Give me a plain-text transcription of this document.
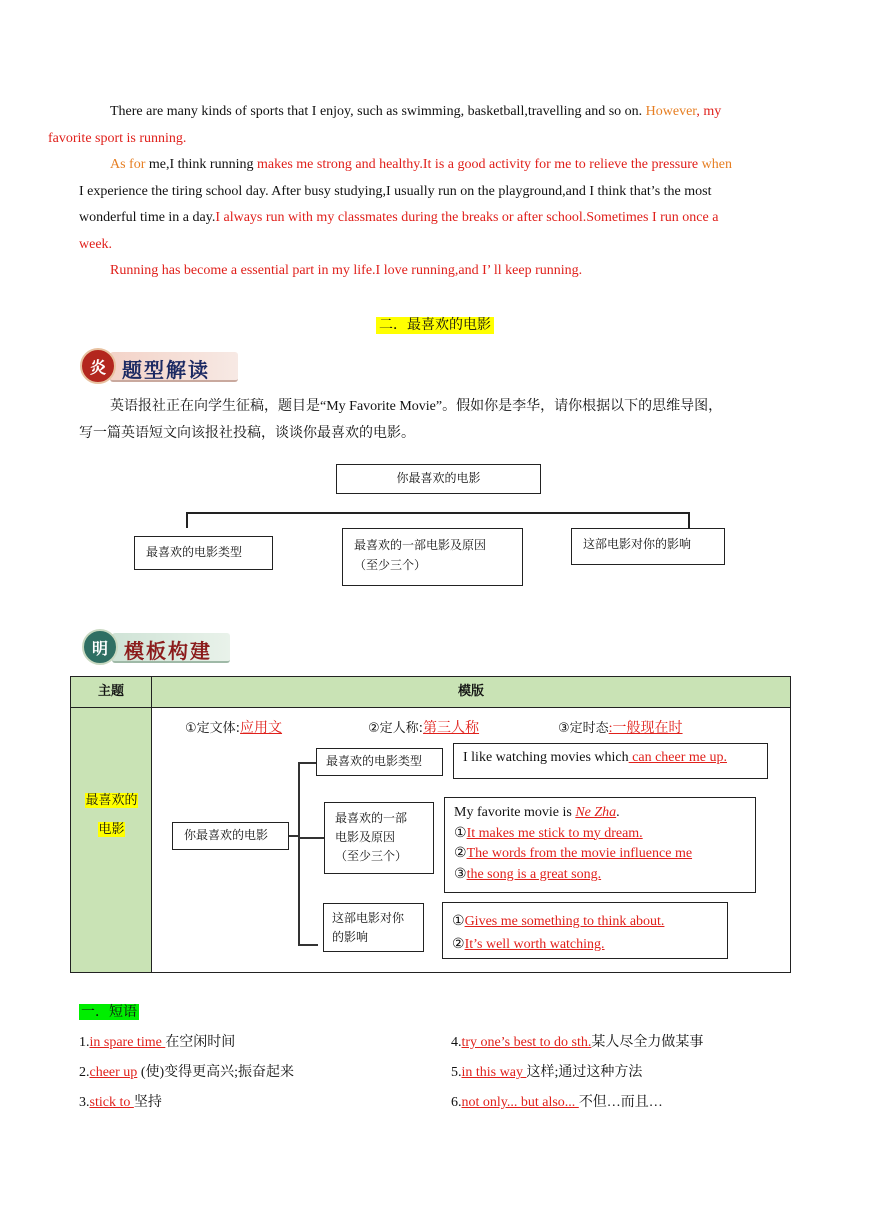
There are many kinds of sports that I enjoy, such as swimming, basketball,travelling and so on. However, my
favorite sport is running.
As for me,I think running makes me strong and healthy.It is a good activity for me to relieve the pressure when
I experience the tiring school day. After busy studying,I usually run on the playground,and I think that’s the most
wonderful time in a day.I always run with my classmates during the breaks or after school.Sometimes I run once a
week.
Running has become a essential part in my life.I love running,and I’ ll keep running.
二．最喜欢的电影
炎 题型解读
英语报社正在向学生征稿，题目是“My Favorite Movie”。假如你是李华，请你根据以下的思维导图，
写一篇英语短文向该报社投稿，谈谈你最喜欢的电影。
你最喜欢的电影
最喜欢的电影类型	最喜欢的一部电影及原因
（至少三个）
这部电影对你的影响
明 模板构建
主题	模版
最喜欢的
电影
①定文体:应用文	②定人称:第三人称	③定时态:一般现在时
你最喜欢的电影
最喜欢的电影类型
最喜欢的一部
电影及原因
（至少三个）
这部电影对你
的影响
I like watching movies which can cheer me up.
My favorite movie is Ne Zha.
①It makes me stick to my dream.
②The words from the movie influence me
③the song is a great song.
①Gives me something to think about.
②It’s well worth watching.
一．短语
1.in spare time 在空闲时间
2.cheer up (使)变得更高兴;振奋起来
3.stick to 坚持
4.try one’s best to do sth.某人尽全力做某事
5.in this way 这样;通过这种方法
6.not only... but also... 不但…而且…
